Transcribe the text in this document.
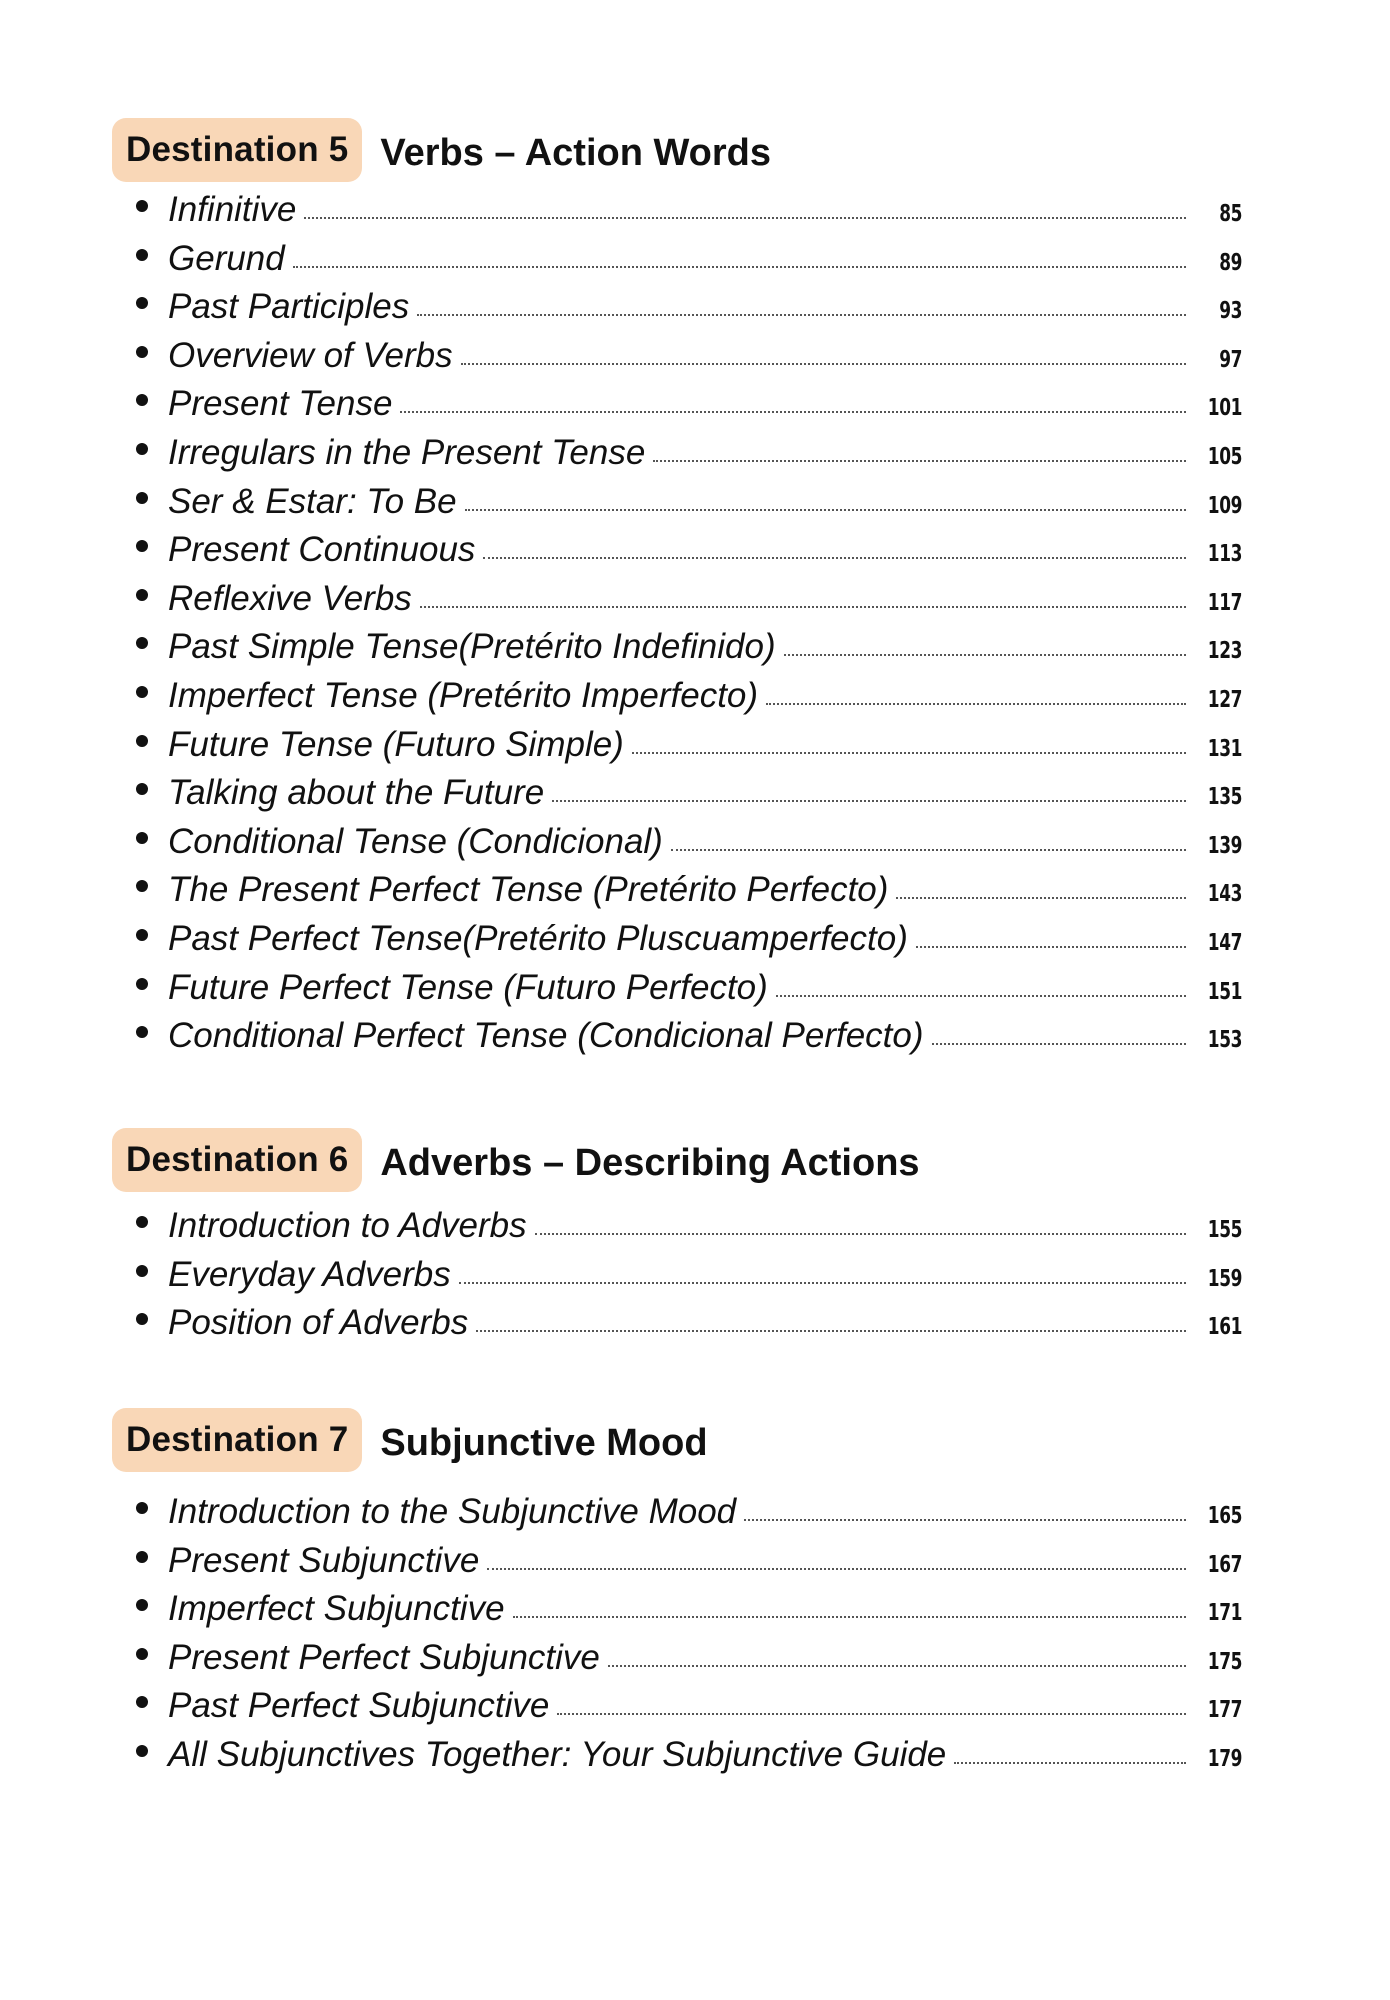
Destination 5 Verbs – Action Words
Infinitive	85
Gerund	89
Past Participles	93
Overview of Verbs	97
Present Tense	101
Irregulars in the Present Tense	105
Ser & Estar: To Be	109
Present Continuous	113
Reflexive Verbs	117
Past Simple Tense(Pretérito Indefinido)	123
Imperfect Tense (Pretérito Imperfecto)	127
Future Tense (Futuro Simple)	131
Talking about the Future	135
Conditional Tense (Condicional)	139
The Present Perfect Tense (Pretérito Perfecto)	143
Past Perfect Tense(Pretérito Pluscuamperfecto)	147
Future Perfect Tense (Futuro Perfecto)	151
Conditional Perfect Tense (Condicional Perfecto)	153
Destination 6 Adverbs – Describing Actions
Introduction to Adverbs	155
Everyday Adverbs	159
Position of Adverbs	161
Destination 7 Subjunctive Mood
Introduction to the Subjunctive Mood	165
Present Subjunctive	167
Imperfect Subjunctive	171
Present Perfect Subjunctive	175
Past Perfect Subjunctive	177
All Subjunctives Together: Your Subjunctive Guide	179
